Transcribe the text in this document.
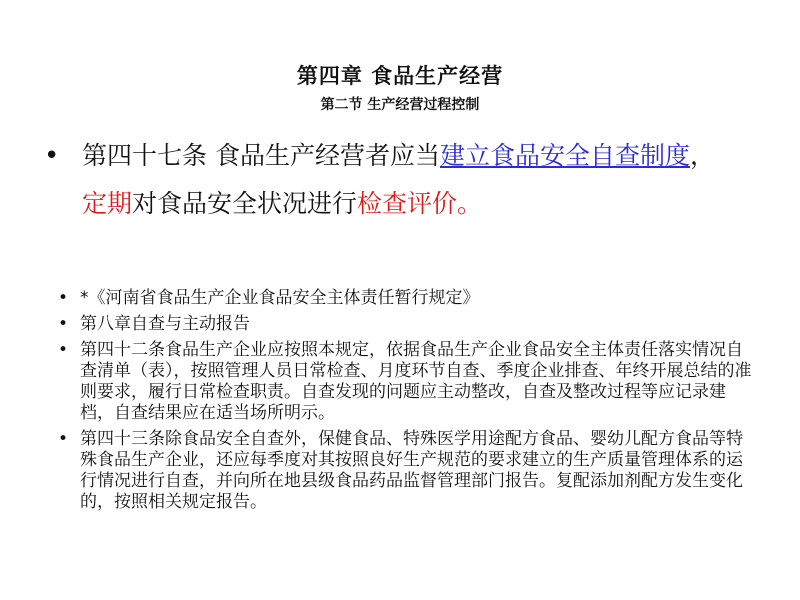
第四章 食品生产经营
第二节 生产经营过程控制
• 第四十七条 食品生产经营者应当建立食品安全自查制度，
定期对食品安全状况进行检查评价。
• *《河南省食品生产企业食品安全主体责任暂行规定》
• 第八章自查与主动报告
• 第四十二条食品生产企业应按照本规定，依据食品生产企业食品安全主体责任落实情况自查清单（表），按照管理人员日常检查、月度环节自查、季度企业排查、年终开展总结的准则要求，履行日常检查职责。自查发现的问题应主动整改，自查及整改过程等应记录建档，自查结果应在适当场所明示。
• 第四十三条除食品安全自查外，保健食品、特殊医学用途配方食品、婴幼儿配方食品等特殊食品生产企业，还应每季度对其按照良好生产规范的要求建立的生产质量管理体系的运行情况进行自查，并向所在地县级食品药品监督管理部门报告。复配添加剂配方发生变化的，按照相关规定报告。
